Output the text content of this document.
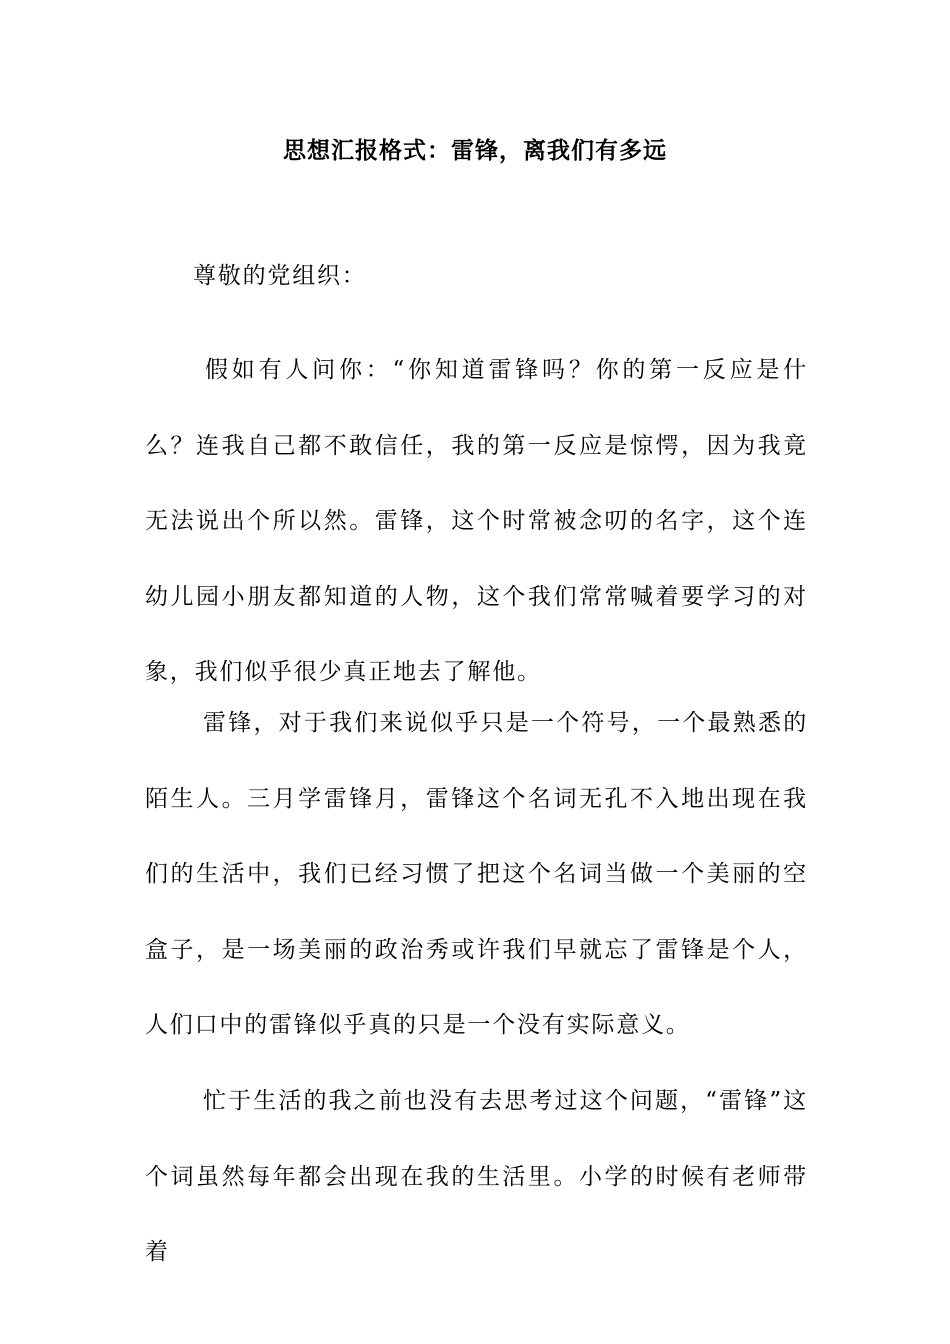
思想汇报格式：雷锋，离我们有多远

尊敬的党组织：

假如有人问你：“你知道雷锋吗？你的第一反应是什么？连我自己都不敢信任，我的第一反应是惊愕，因为我竟无法说出个所以然。雷锋，这个时常被念叨的名字，这个连幼儿园小朋友都知道的人物，这个我们常常喊着要学习的对象，我们似乎很少真正地去了解他。

雷锋，对于我们来说似乎只是一个符号，一个最熟悉的陌生人。三月学雷锋月，雷锋这个名词无孔不入地出现在我们的生活中，我们已经习惯了把这个名词当做一个美丽的空盒子，是一场美丽的政治秀或许我们早就忘了雷锋是个人，人们口中的雷锋似乎真的只是一个没有实际意义。

忙于生活的我之前也没有去思考过这个问题，“雷锋”这个词虽然每年都会出现在我的生活里。小学的时候有老师带着
